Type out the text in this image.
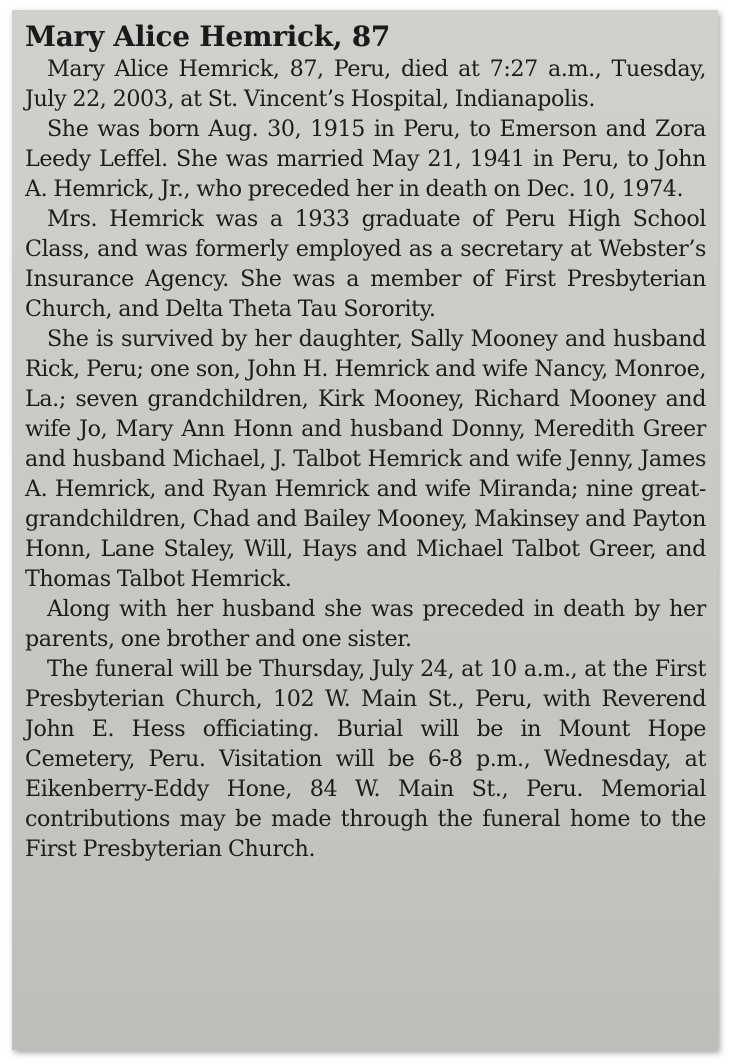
Mary Alice Hemrick, 87

Mary Alice Hemrick, 87, Peru, died at 7:27 a.m., Tuesday, July 22, 2003, at St. Vincent’s Hospital, Indianapolis.

She was born Aug. 30, 1915 in Peru, to Emerson and Zora Leedy Leffel. She was married May 21, 1941 in Peru, to John A. Hemrick, Jr., who preceded her in death on Dec. 10, 1974.

Mrs. Hemrick was a 1933 graduate of Peru High School Class, and was formerly employed as a secretary at Webster’s Insurance Agency. She was a member of First Presbyterian Church, and Delta Theta Tau Sorority.

She is survived by her daughter, Sally Mooney and husband Rick, Peru; one son, John H. Hemrick and wife Nancy, Monroe, La.; seven grandchildren, Kirk Mooney, Richard Mooney and wife Jo, Mary Ann Honn and husband Donny, Meredith Greer and husband Michael, J. Talbot Hemrick and wife Jenny, James A. Hemrick, and Ryan Hemrick and wife Miranda; nine great-grandchildren, Chad and Bailey Mooney, Makinsey and Payton Honn, Lane Staley, Will, Hays and Michael Talbot Greer, and Thomas Talbot Hemrick.

Along with her husband she was preceded in death by her parents, one brother and one sister.

The funeral will be Thursday, July 24, at 10 a.m., at the First Presbyterian Church, 102 W. Main St., Peru, with Reverend John E. Hess officiating. Burial will be in Mount Hope Cemetery, Peru. Visitation will be 6-8 p.m., Wednesday, at Eikenberry-Eddy Hone, 84 W. Main St., Peru. Memorial contributions may be made through the funeral home to the First Presbyterian Church.
